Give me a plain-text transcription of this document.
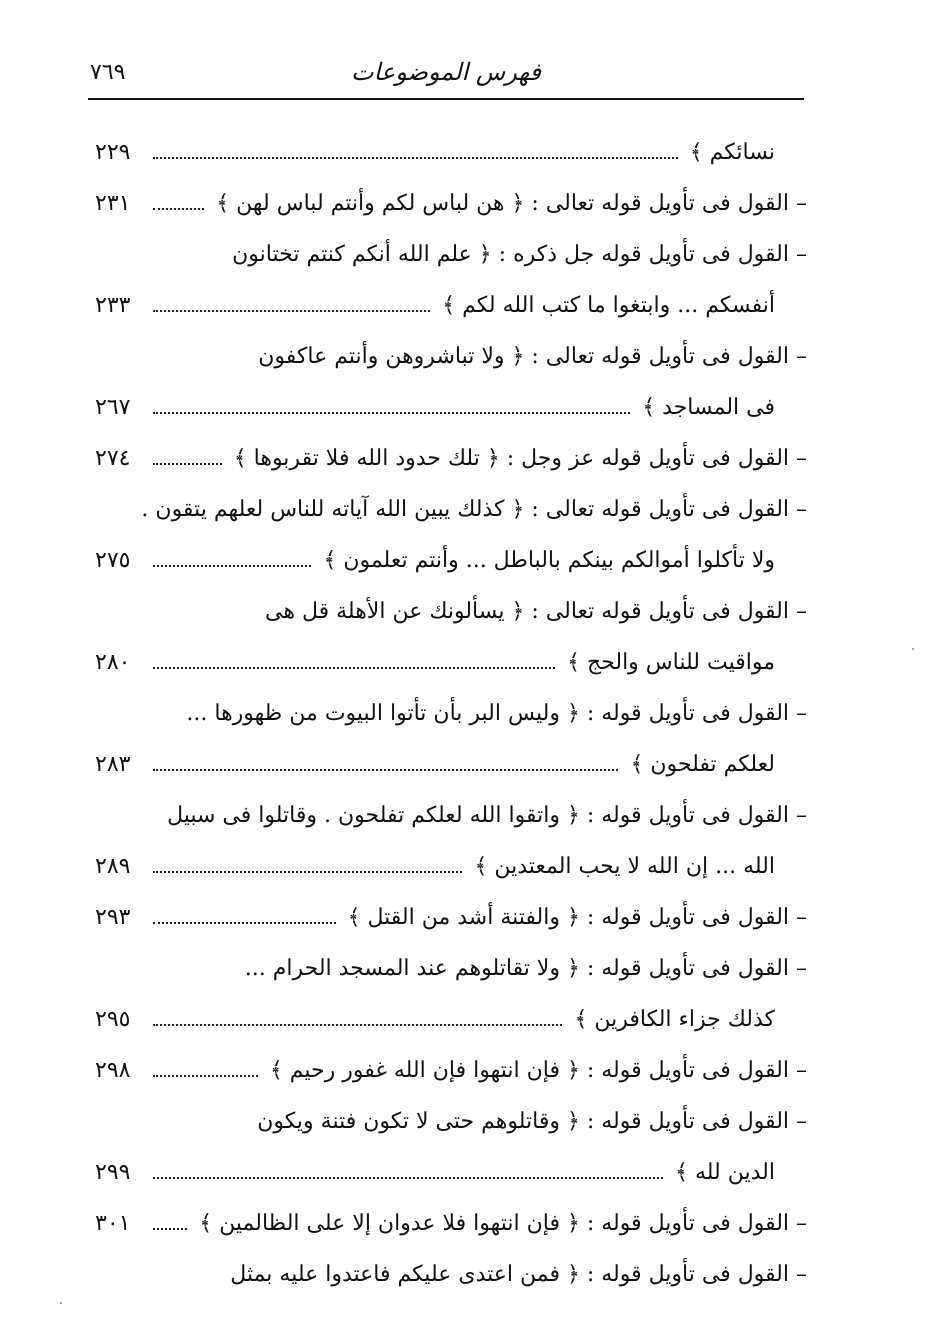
فهرس الموضوعات
٧٦٩
نسائكم ﴾
٢٢٩
– القول فى تأويل قوله تعالى : ﴿ هن لباس لكم وأنتم لباس لهن ﴾
٢٣١
– القول فى تأويل قوله جل ذكره : ﴿ علم الله أنكم كنتم تختانون
أنفسكم ... وابتغوا ما كتب الله لكم ﴾
٢٣٣
– القول فى تأويل قوله تعالى : ﴿ ولا تباشروهن وأنتم عاكفون
فى المساجد ﴾
٢٦٧
– القول فى تأويل قوله عز وجل : ﴿ تلك حدود الله فلا تقربوها ﴾
٢٧٤
– القول فى تأويل قوله تعالى : ﴿ كذلك يبين الله آياته للناس لعلهم يتقون .
ولا تأكلوا أموالكم بينكم بالباطل ... وأنتم تعلمون ﴾
٢٧٥
– القول فى تأويل قوله تعالى : ﴿ يسألونك عن الأهلة قل هى
مواقيت للناس والحج ﴾
٢٨٠
– القول فى تأويل قوله : ﴿ وليس البر بأن تأتوا البيوت من ظهورها ...
لعلكم تفلحون ﴾
٢٨٣
– القول فى تأويل قوله : ﴿ واتقوا الله لعلكم تفلحون . وقاتلوا فى سبيل
الله ... إن الله لا يحب المعتدين ﴾
٢٨٩
– القول فى تأويل قوله : ﴿ والفتنة أشد من القتل ﴾
٢٩٣
– القول فى تأويل قوله : ﴿ ولا تقاتلوهم عند المسجد الحرام ...
كذلك جزاء الكافرين ﴾
٢٩٥
– القول فى تأويل قوله : ﴿ فإن انتهوا فإن الله غفور رحيم ﴾
٢٩٨
– القول فى تأويل قوله : ﴿ وقاتلوهم حتى لا تكون فتنة ويكون
الدين لله ﴾
٢٩٩
– القول فى تأويل قوله : ﴿ فإن انتهوا فلا عدوان إلا على الظالمين ﴾
٣٠١
– القول فى تأويل قوله : ﴿ فمن اعتدى عليكم فاعتدوا عليه بمثل
